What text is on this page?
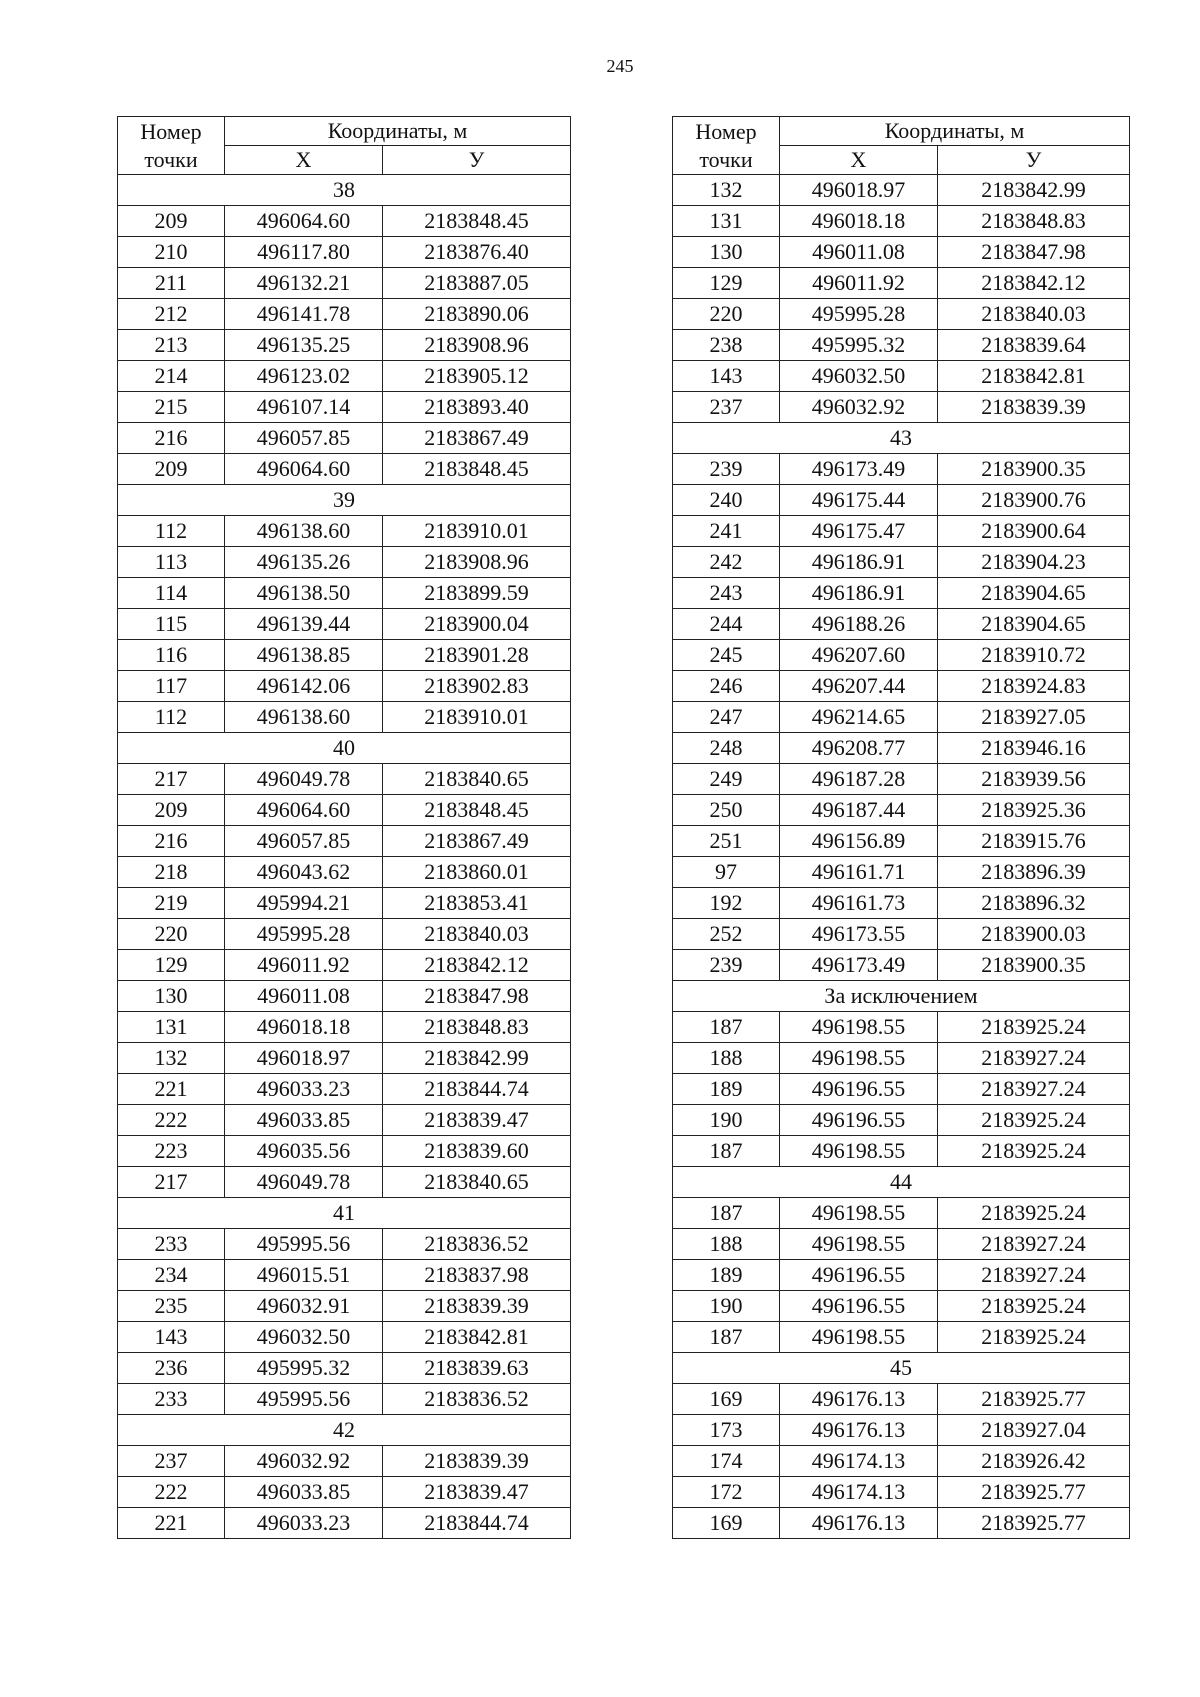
245
Номер
точки	Координаты, м	
	Х	У
38		
209	496064.60	2183848.45
210	496117.80	2183876.40
211	496132.21	2183887.05
212	496141.78	2183890.06
213	496135.25	2183908.96
214	496123.02	2183905.12
215	496107.14	2183893.40
216	496057.85	2183867.49
209	496064.60	2183848.45
39		
112	496138.60	2183910.01
113	496135.26	2183908.96
114	496138.50	2183899.59
115	496139.44	2183900.04
116	496138.85	2183901.28
117	496142.06	2183902.83
112	496138.60	2183910.01
40		
217	496049.78	2183840.65
209	496064.60	2183848.45
216	496057.85	2183867.49
218	496043.62	2183860.01
219	495994.21	2183853.41
220	495995.28	2183840.03
129	496011.92	2183842.12
130	496011.08	2183847.98
131	496018.18	2183848.83
132	496018.97	2183842.99
221	496033.23	2183844.74
222	496033.85	2183839.47
223	496035.56	2183839.60
217	496049.78	2183840.65
41		
233	495995.56	2183836.52
234	496015.51	2183837.98
235	496032.91	2183839.39
143	496032.50	2183842.81
236	495995.32	2183839.63
233	495995.56	2183836.52
42		
237	496032.92	2183839.39
222	496033.85	2183839.47
221	496033.23	2183844.74
Номер
точки	Координаты, м	
	Х	У
132	496018.97	2183842.99
131	496018.18	2183848.83
130	496011.08	2183847.98
129	496011.92	2183842.12
220	495995.28	2183840.03
238	495995.32	2183839.64
143	496032.50	2183842.81
237	496032.92	2183839.39
43		
239	496173.49	2183900.35
240	496175.44	2183900.76
241	496175.47	2183900.64
242	496186.91	2183904.23
243	496186.91	2183904.65
244	496188.26	2183904.65
245	496207.60	2183910.72
246	496207.44	2183924.83
247	496214.65	2183927.05
248	496208.77	2183946.16
249	496187.28	2183939.56
250	496187.44	2183925.36
251	496156.89	2183915.76
97	496161.71	2183896.39
192	496161.73	2183896.32
252	496173.55	2183900.03
239	496173.49	2183900.35
За исключением		
187	496198.55	2183925.24
188	496198.55	2183927.24
189	496196.55	2183927.24
190	496196.55	2183925.24
187	496198.55	2183925.24
44		
187	496198.55	2183925.24
188	496198.55	2183927.24
189	496196.55	2183927.24
190	496196.55	2183925.24
187	496198.55	2183925.24
45		
169	496176.13	2183925.77
173	496176.13	2183927.04
174	496174.13	2183926.42
172	496174.13	2183925.77
169	496176.13	2183925.77
